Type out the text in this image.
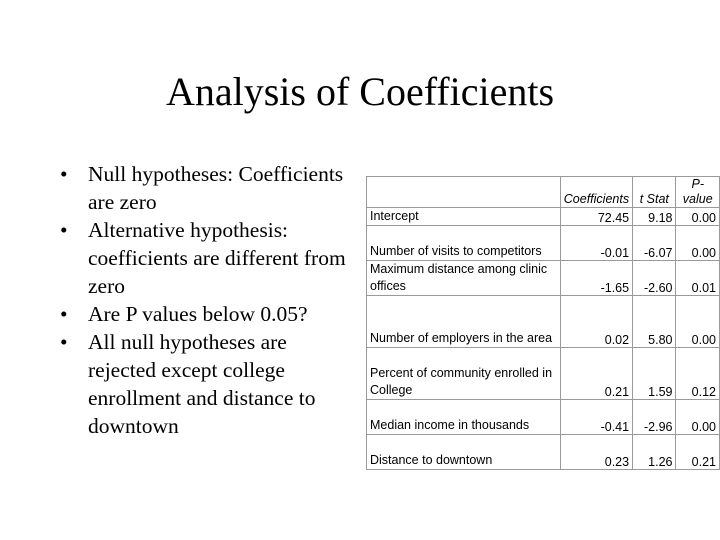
Analysis of Coefficients
• Null hypotheses: Coefficients are zero
• Alternative hypothesis: coefficients are different from zero
• Are P values below 0.05?
• All null hypotheses are rejected except college enrollment and distance to downtown
	Coefficients	t Stat	P-value
Intercept	72.45	9.18	0.00
Number of visits to competitors	-0.01	-6.07	0.00
Maximum distance among clinic offices	-1.65	-2.60	0.01
Number of employers in the area	0.02	5.80	0.00
Percent of community enrolled in College	0.21	1.59	0.12
Median income in thousands	-0.41	-2.96	0.00
Distance to downtown	0.23	1.26	0.21
